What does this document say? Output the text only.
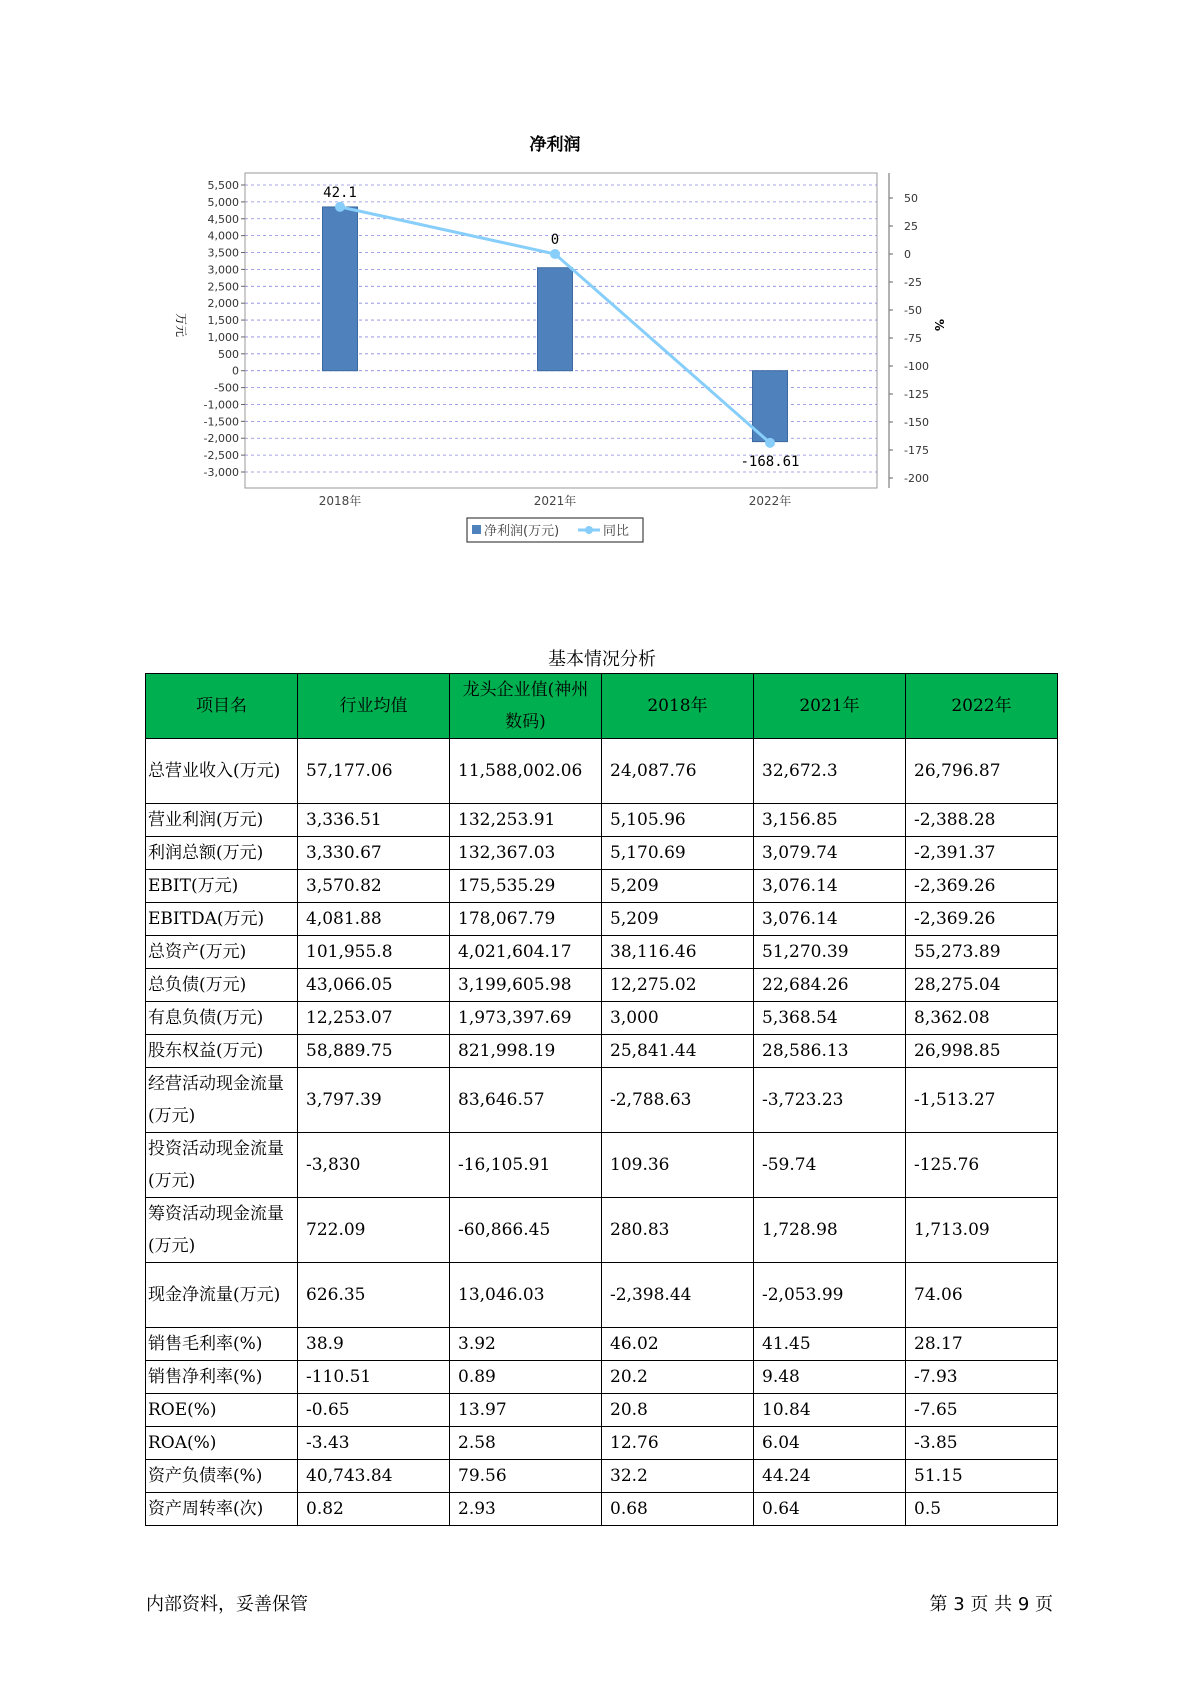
净利润
5,500
5,000
4,500
4,000
3,500
3,000
2,500
2,000
1,500
1,000
500
0
-500
-1,000
-1,500
-2,000
-2,500
-3,000
50
25
0
-25
-50
-75
-100
-125
-150
-175
-200
万元	%
2018年	2021年	2022年
42.1
0
-168.61
净利润(万元)	同比
基本情况分析
项目名	行业均值	龙头企业值(神州数码)	2018年	2021年	2022年
总营业收入(万元)	57,177.06	11,588,002.06	24,087.76	32,672.3	26,796.87
营业利润(万元)	3,336.51	132,253.91	5,105.96	3,156.85	-2,388.28
利润总额(万元)	3,330.67	132,367.03	5,170.69	3,079.74	-2,391.37
EBIT(万元)	3,570.82	175,535.29	5,209	3,076.14	-2,369.26
EBITDA(万元)	4,081.88	178,067.79	5,209	3,076.14	-2,369.26
总资产(万元)	101,955.8	4,021,604.17	38,116.46	51,270.39	55,273.89
总负债(万元)	43,066.05	3,199,605.98	12,275.02	22,684.26	28,275.04
有息负债(万元)	12,253.07	1,973,397.69	3,000	5,368.54	8,362.08
股东权益(万元)	58,889.75	821,998.19	25,841.44	28,586.13	26,998.85
经营活动现金流量(万元)	3,797.39	83,646.57	-2,788.63	-3,723.23	-1,513.27
投资活动现金流量(万元)	-3,830	-16,105.91	109.36	-59.74	-125.76
筹资活动现金流量(万元)	722.09	-60,866.45	280.83	1,728.98	1,713.09
现金净流量(万元)	626.35	13,046.03	-2,398.44	-2,053.99	74.06
销售毛利率(%)	38.9	3.92	46.02	41.45	28.17
销售净利率(%)	-110.51	0.89	20.2	9.48	-7.93
ROE(%)	-0.65	13.97	20.8	10.84	-7.65
ROA(%)	-3.43	2.58	12.76	6.04	-3.85
资产负债率(%)	40,743.84	79.56	32.2	44.24	51.15
资产周转率(次)	0.82	2.93	0.68	0.64	0.5
内部资料，妥善保管	第 3 页 共 9 页
